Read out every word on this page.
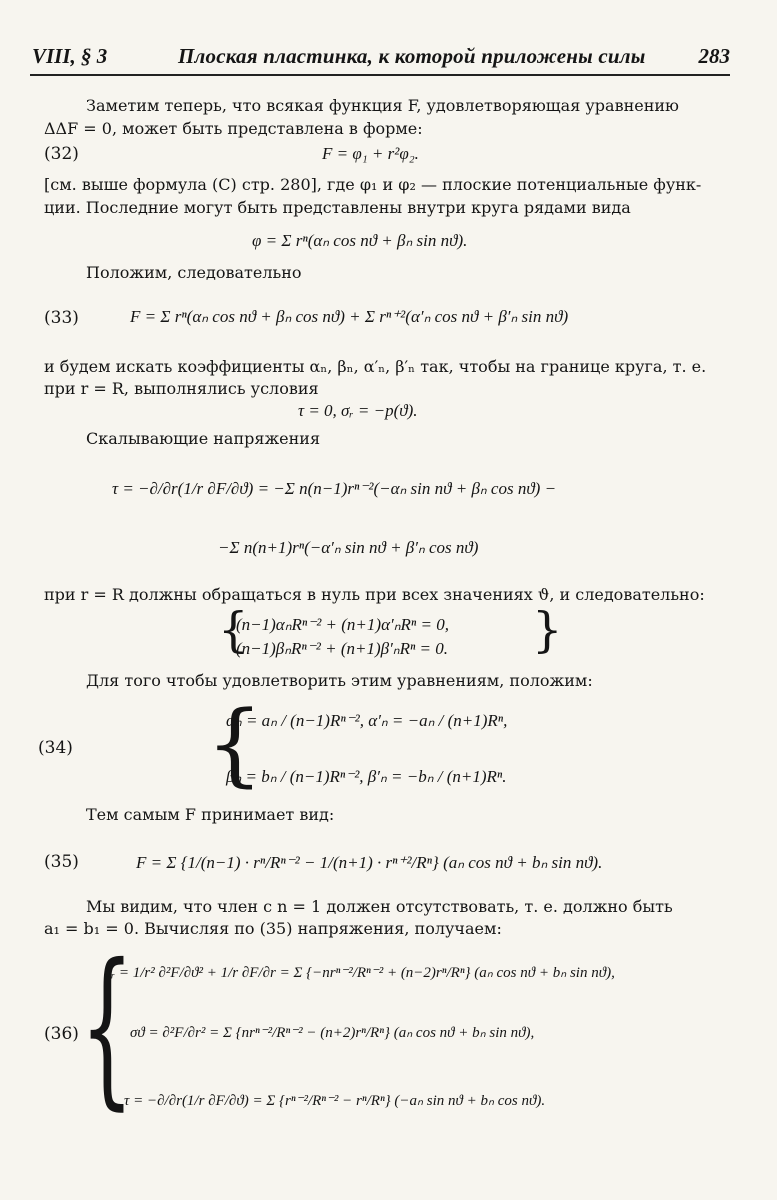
VIII, § 3	Плоская пластинка, к которой приложены силы	283
Заметим теперь, что всякая функция F, удовлетворяющая уравнению
ΔΔF = 0, может быть представлена в форме:
(32)	F = φ₁ + r²φ₂.
[см. выше формула (C) стр. 280], где φ₁ и φ₂ — плоские потенциальные функ-
ции. Последние могут быть представлены внутри круга рядами вида
φ = Σ rⁿ(αₙ cos nϑ + βₙ sin nϑ).
Положим, следовательно
(33)	F = Σ rⁿ(αₙ cos nϑ + βₙ cos nϑ) + Σ rⁿ⁺²(α′ₙ cos nϑ + β′ₙ sin nϑ)
и будем искать коэффициенты αₙ, βₙ, α′ₙ, β′ₙ так, чтобы на границе круга, т. е.
при r = R, выполнялись условия
τ = 0, σᵣ = −p(ϑ).
Скалывающие напряжения
τ = −∂/∂r(1/r ∂F/∂ϑ) = −Σ n(n−1)rⁿ⁻²(−αₙ sin nϑ + βₙ cos nϑ) −
−Σ n(n+1)rⁿ(−α′ₙ sin nϑ + β′ₙ cos nϑ)
при r = R должны обращаться в нуль при всех значениях ϑ, и следовательно:
{
(n−1)αₙRⁿ⁻² + (n+1)α′ₙRⁿ = 0,
(n−1)βₙRⁿ⁻² + (n+1)β′ₙRⁿ = 0. }
Для того чтобы удовлетворить этим уравнениям, положим:
(34) {
αₙ = aₙ / (n−1)Rⁿ⁻², α′ₙ = −aₙ / (n+1)Rⁿ,
βₙ = bₙ / (n−1)Rⁿ⁻², β′ₙ = −bₙ / (n+1)Rⁿ.
Тем самым F принимает вид:
(35)	F = Σ {1/(n−1) · rⁿ/Rⁿ⁻² − 1/(n+1) · rⁿ⁺²/Rⁿ} (aₙ cos nϑ + bₙ sin nϑ).
Мы видим, что член с n = 1 должен отсутствовать, т. е. должно быть
a₁ = b₁ = 0. Вычисляя по (35) напряжения, получаем:
(36) {
σᵣ = 1/r² ∂²F/∂ϑ² + 1/r ∂F/∂r = Σ {−nrⁿ⁻²/Rⁿ⁻² + (n−2)rⁿ/Rⁿ} (aₙ cos nϑ + bₙ sin nϑ),
σϑ = ∂²F/∂r² = Σ {nrⁿ⁻²/Rⁿ⁻² − (n+2)rⁿ/Rⁿ} (aₙ cos nϑ + bₙ sin nϑ),
τ = −∂/∂r(1/r ∂F/∂ϑ) = Σ {rⁿ⁻²/Rⁿ⁻² − rⁿ/Rⁿ} (−aₙ sin nϑ + bₙ cos nϑ).
